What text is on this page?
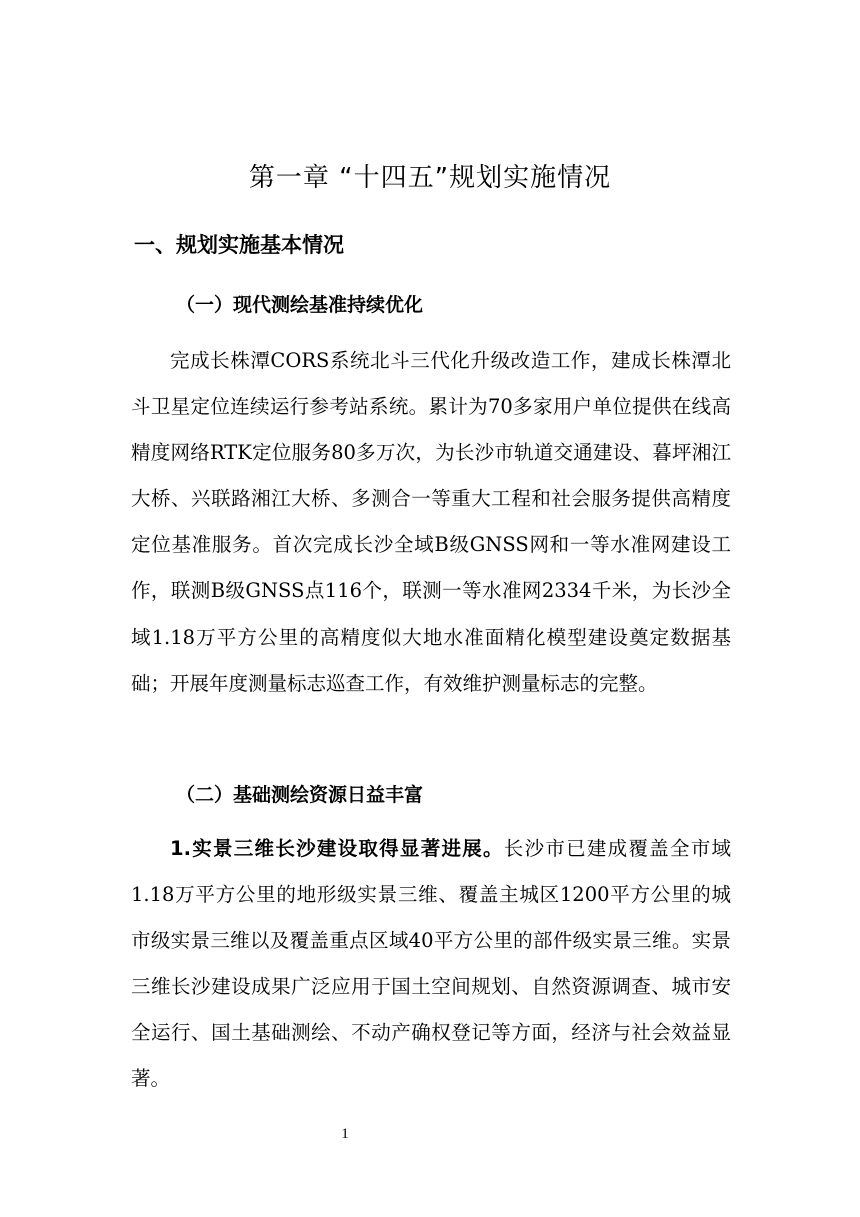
第一章 “十四五”规划实施情况
一、规划实施基本情况
（一）现代测绘基准持续优化

完成长株潭CORS系统北斗三代化升级改造工作，建成长株潭北斗卫星定位连续运行参考站系统。累计为70多家用户单位提供在线高精度网络RTK定位服务80多万次，为长沙市轨道交通建设、暮坪湘江大桥、兴联路湘江大桥、多测合一等重大工程和社会服务提供高精度定位基准服务。首次完成长沙全域B级GNSS网和一等水准网建设工作，联测B级GNSS点116个，联测一等水准网2334千米，为长沙全域1.18万平方公里的高精度似大地水准面精化模型建设奠定数据基础；开展年度测量标志巡查工作，有效维护测量标志的完整。

（二）基础测绘资源日益丰富

1.实景三维长沙建设取得显著进展。长沙市已建成覆盖全市域1.18万平方公里的地形级实景三维、覆盖主城区1200平方公里的城市级实景三维以及覆盖重点区域40平方公里的部件级实景三维。实景三维长沙建设成果广泛应用于国土空间规划、自然资源调查、城市安全运行、国土基础测绘、不动产确权登记等方面，经济与社会效益显著。

1
